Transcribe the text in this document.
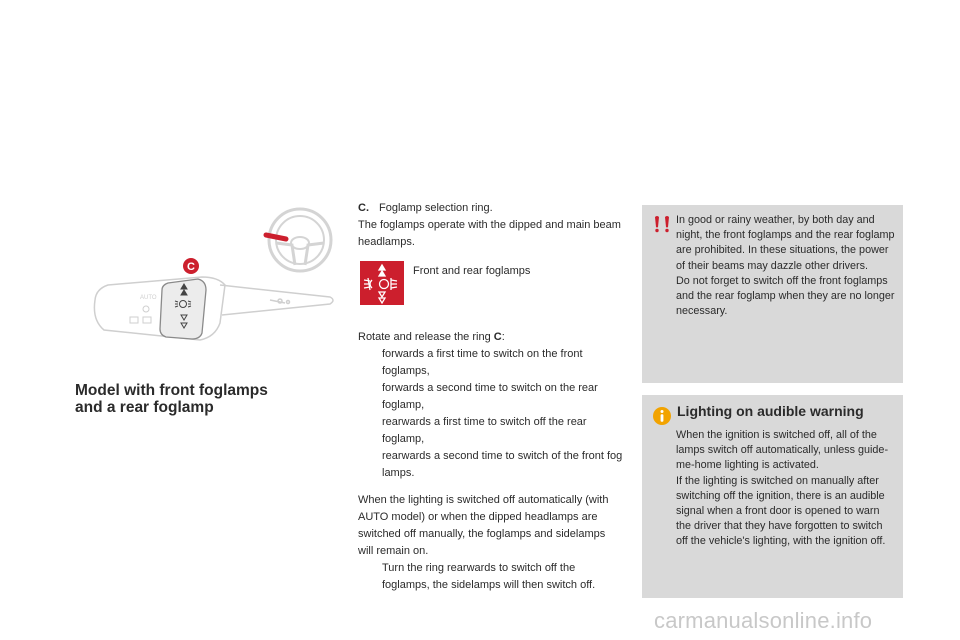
AUTO
C
Model with front foglamps
and a rear foglamp
C. Foglamp selection ring.
The foglamps operate with the dipped and main beam headlamps.
Front and rear foglamps
Rotate and release the ring C:
forwards a first time to switch on the front foglamps,
forwards a second time to switch on the rear foglamp,
rearwards a first time to switch off the rear foglamp,
rearwards a second time to switch of the front fog lamps.
When the lighting is switched off automatically (with AUTO model) or when the dipped headlamps are switched off manually, the foglamps and sidelamps will remain on.
Turn the ring rearwards to switch off the foglamps, the sidelamps will then switch off.
In good or rainy weather, by both day and night, the front foglamps and the rear foglamp are prohibited. In these situations, the power of their beams may dazzle other drivers.
Do not forget to switch off the front foglamps and the rear foglamp when they are no longer necessary.
Lighting on audible warning
When the ignition is switched off, all of the lamps switch off automatically, unless guide-me-home lighting is activated.
If the lighting is switched on manually after switching off the ignition, there is an audible signal when a front door is opened to warn the driver that they have forgotten to switch off the vehicle's lighting, with the ignition off.
carmanualsonline.info
